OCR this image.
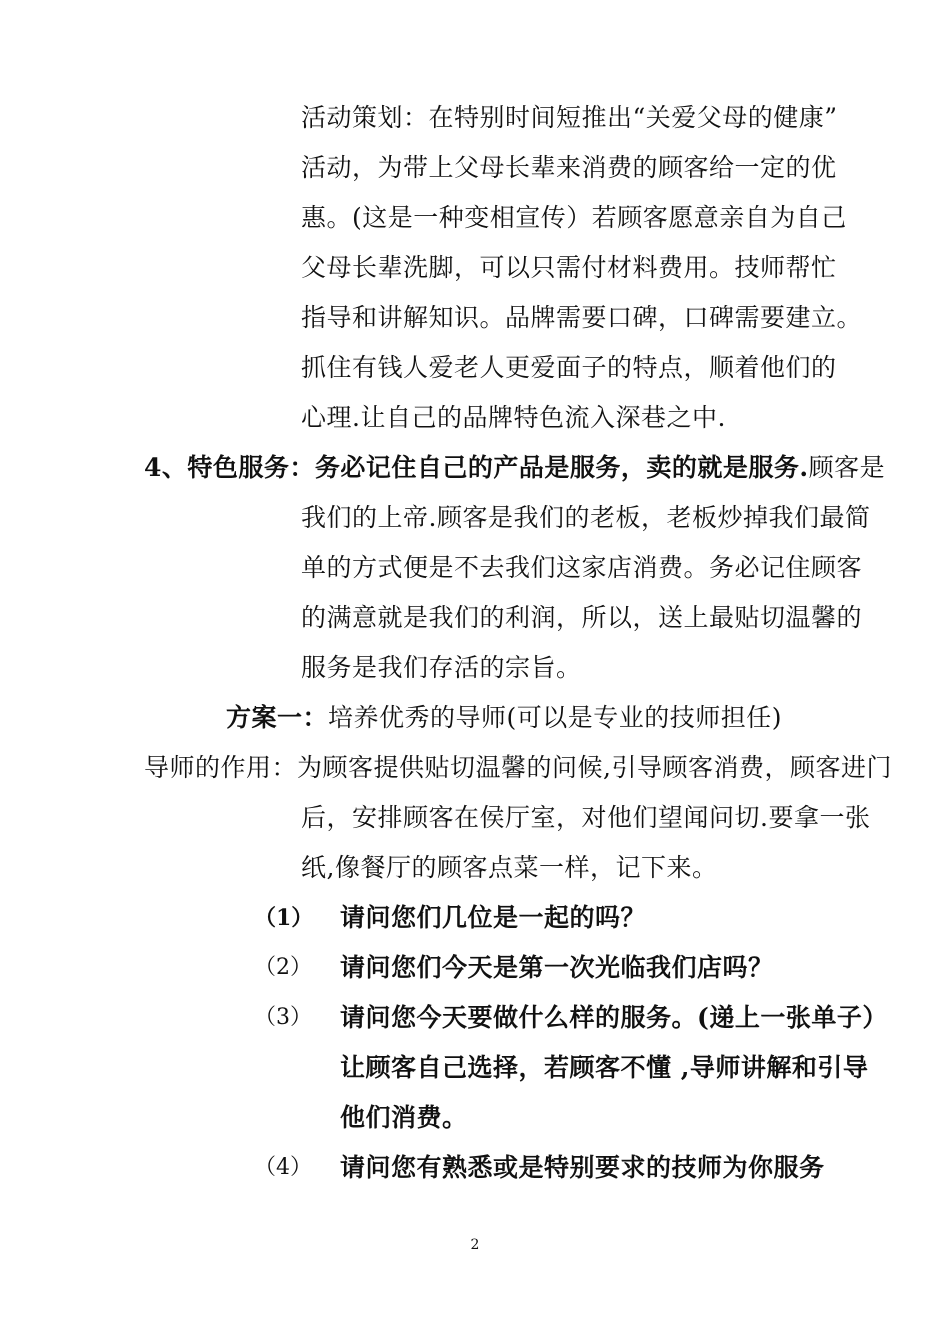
活动策划：在特别时间短推出“关爱父母的健康”
活动，为带上父母长辈来消费的顾客给一定的优
惠。(这是一种变相宣传）若顾客愿意亲自为自己
父母长辈洗脚，可以只需付材料费用。技师帮忙
指导和讲解知识。品牌需要口碑，口碑需要建立。
抓住有钱人爱老人更爱面子的特点，顺着他们的
心理.让自己的品牌特色流入深巷之中.
4、特色服务：务必记住自己的产品是服务，卖的就是服务.顾客是
我们的上帝.顾客是我们的老板，老板炒掉我们最简
单的方式便是不去我们这家店消费。务必记住顾客
的满意就是我们的利润，所以，送上最贴切温馨的
服务是我们存活的宗旨。
方案一：培养优秀的导师(可以是专业的技师担任)
导师的作用：为顾客提供贴切温馨的问候,引导顾客消费，顾客进门
后，安排顾客在侯厅室，对他们望闻问切.要拿一张
纸,像餐厅的顾客点菜一样，记下来。
（1） 请问您们几位是一起的吗？
（2） 请问您们今天是第一次光临我们店吗？
（3） 请问您今天要做什么样的服务。(递上一张单子）
让顾客自己选择，若顾客不懂 ,导师讲解和引导
他们消费。
（4） 请问您有熟悉或是特别要求的技师为你服务
2
